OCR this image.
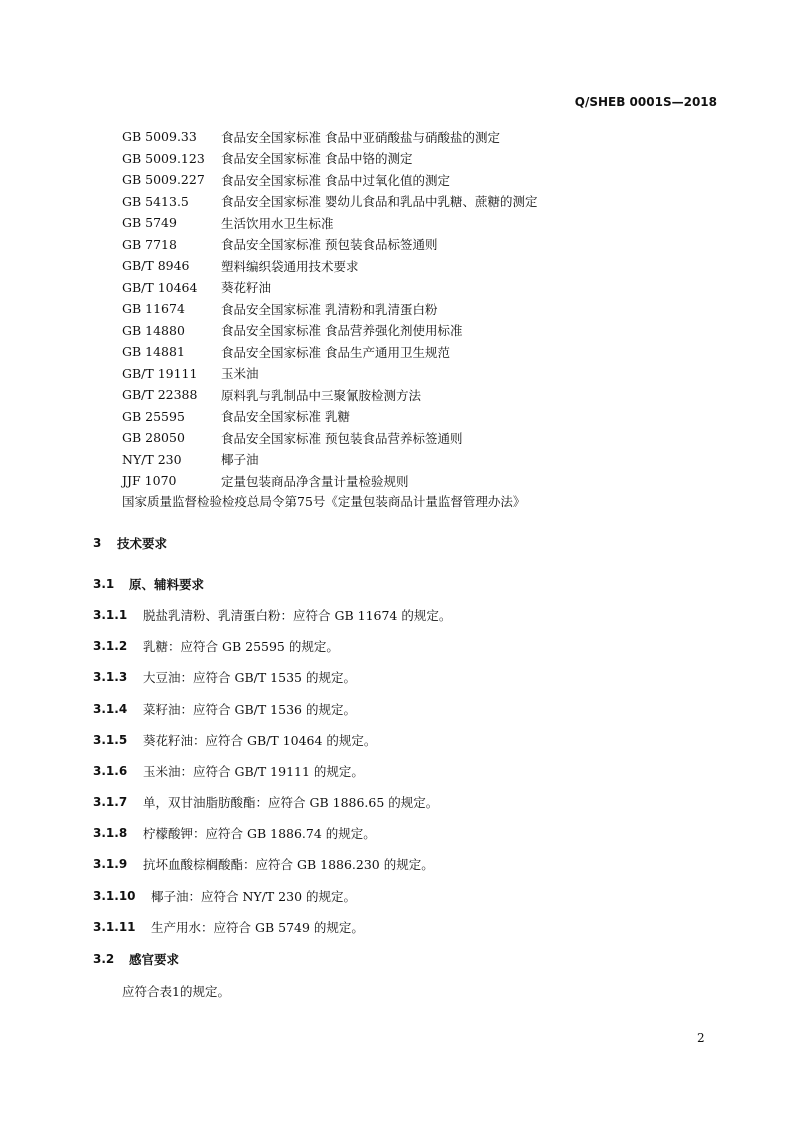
Q/SHEB 0001S—2018
GB 5009.33	食品安全国家标准 食品中亚硝酸盐与硝酸盐的测定
GB 5009.123	食品安全国家标准 食品中铬的测定
GB 5009.227	食品安全国家标准 食品中过氧化值的测定
GB 5413.5	食品安全国家标准 婴幼儿食品和乳品中乳糖、蔗糖的测定
GB 5749	生活饮用水卫生标准
GB 7718	食品安全国家标准 预包装食品标签通则
GB/T 8946	塑料编织袋通用技术要求
GB/T 10464	葵花籽油
GB 11674	食品安全国家标准 乳清粉和乳清蛋白粉
GB 14880	食品安全国家标准 食品营养强化剂使用标准
GB 14881	食品安全国家标准 食品生产通用卫生规范
GB/T 19111	玉米油
GB/T 22388	原料乳与乳制品中三聚氰胺检测方法
GB 25595	食品安全国家标准 乳糖
GB 28050	食品安全国家标准 预包装食品营养标签通则
NY/T 230	椰子油
JJF 1070	定量包装商品净含量计量检验规则
国家质量监督检验检疫总局令第75号《定量包装商品计量监督管理办法》
3	技术要求
3.1	原、辅料要求
3.1.1	脱盐乳清粉、乳清蛋白粉：应符合 GB 11674 的规定。
3.1.2	乳糖：应符合 GB 25595 的规定。
3.1.3	大豆油：应符合 GB/T 1535 的规定。
3.1.4	菜籽油：应符合 GB/T 1536 的规定。
3.1.5	葵花籽油：应符合 GB/T 10464 的规定。
3.1.6	玉米油：应符合 GB/T 19111 的规定。
3.1.7	单，双甘油脂肪酸酯：应符合 GB 1886.65 的规定。
3.1.8	柠檬酸钾：应符合 GB 1886.74 的规定。
3.1.9	抗坏血酸棕榈酸酯：应符合 GB 1886.230 的规定。
3.1.10	椰子油：应符合 NY/T 230 的规定。
3.1.11	生产用水：应符合 GB 5749 的规定。
3.2	感官要求
应符合表1的规定。
2
